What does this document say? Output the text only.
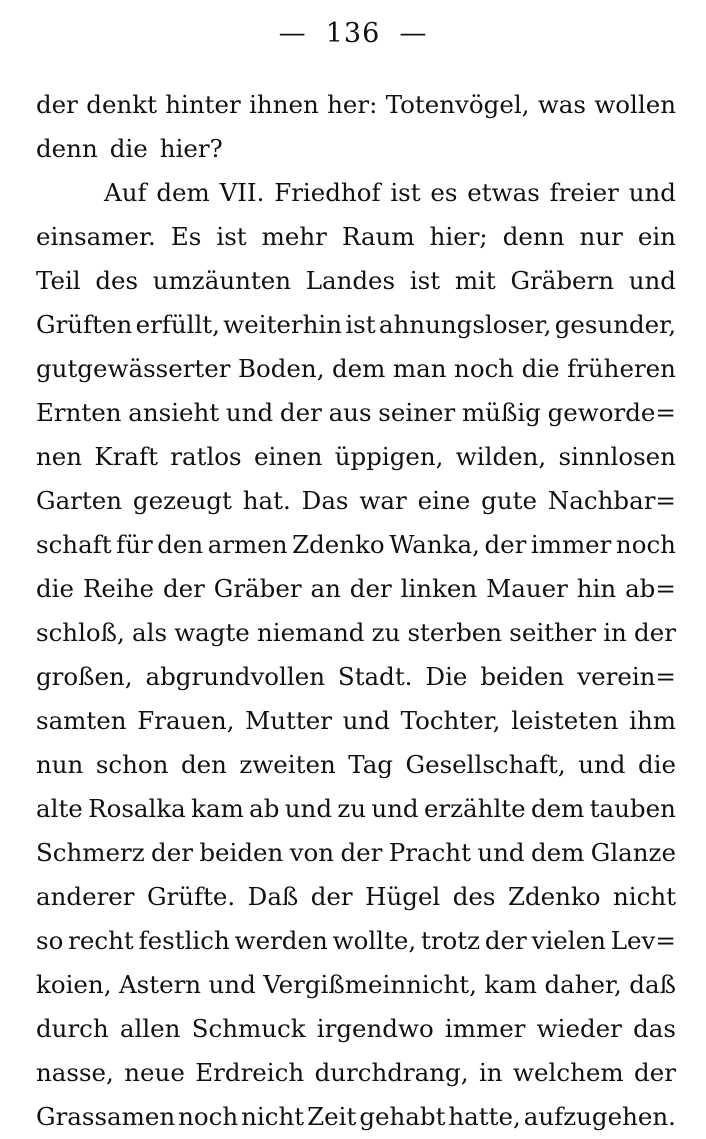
—  136  —
der denkt hinter ihnen her: Totenvögel, was wollen
denn die hier?
Auf dem VII. Friedhof ist es etwas freier und
einsamer. Es ist mehr Raum hier; denn nur ein
Teil des umzäunten Landes ist mit Gräbern und
Grüften erfüllt, weiterhin ist ahnungsloser, gesunder,
gutgewässerter Boden, dem man noch die früheren
Ernten ansieht und der aus seiner müßig geworde=
nen Kraft ratlos einen üppigen, wilden, sinnlosen
Garten gezeugt hat. Das war eine gute Nachbar=
schaft für den armen Zdenko Wanka, der immer noch
die Reihe der Gräber an der linken Mauer hin ab=
schloß, als wagte niemand zu sterben seither in der
großen, abgrundvollen Stadt. Die beiden verein=
samten Frauen, Mutter und Tochter, leisteten ihm
nun schon den zweiten Tag Gesellschaft, und die
alte Rosalka kam ab und zu und erzählte dem tauben
Schmerz der beiden von der Pracht und dem Glanze
anderer Grüfte. Daß der Hügel des Zdenko nicht
so recht festlich werden wollte, trotz der vielen Lev=
koien, Astern und Vergißmeinnicht, kam daher, daß
durch allen Schmuck irgendwo immer wieder das
nasse, neue Erdreich durchdrang, in welchem der
Grassamen noch nicht Zeit gehabt hatte, aufzugehen.
